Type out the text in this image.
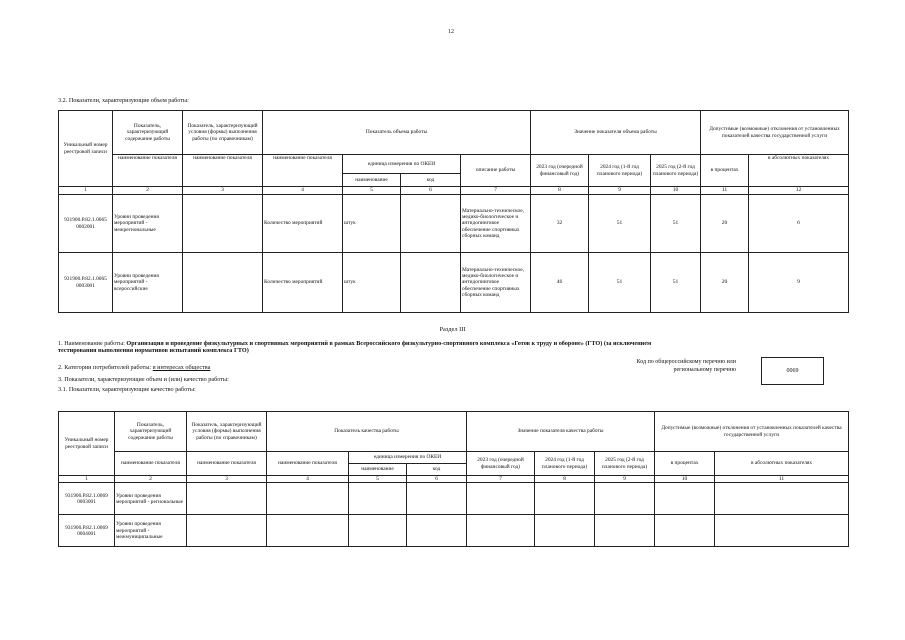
12
3.2. Показатели, характеризующие объем работы:
Уникальный номер реестровой записи	Показатель, характеризующий содержание работы	Показатель, характеризующий условия (формы) выполнения работы (по справочникам)	Показатель объема работы				Значение показателя объема работы			Допустимые (возможные) отклонения от установленных показателей качества государственной услуги	
	наименование показателя	наименование показателя	наименование показателя	единица измерения по ОКЕИ		описание работы	2023 год (очередной финансовый год)	2024 год (1-й год планового периода)	2025 год (2-й год планового периода)	в процентах	в абсолютных показателях
				наименование	код						
1	2	3	4	5	6	7	8	9	10	11	12
931900.Р.82.1.0065 0002001	Уровни проведения мероприятий - межрегиональные		Количество мероприятий	штук		Материально-техническое, медико-биологическое и антидопинговое обеспечение спортивных сборных команд	32	51	51	20	6
931900.Р.82.1.0065 0003001	Уровни проведения мероприятий - всероссийские		Количество мероприятий	штук		Материально-техническое, медико-биологическое и антидопинговое обеспечение спортивных сборных команд	46	51	51	20	9
Раздел III
1. Наименование работы: Организация и проведение физкультурных и спортивных мероприятий в рамках Всероссийского физкультурно-спортивного комплекса «Готов к труду и обороне» (ГТО) (за исключением тестирования выполнения нормативов испытаний комплекса ГТО)
2. Категории потребителей работы: в интересах общества
3. Показатели, характеризующие объем и (или) качество работы:
3.1. Показатели, характеризующие качество работы:
Код по общероссийскому перечню или региональному перечню	0069
Уникальный номер реестровой записи	Показатель, характеризующий содержание работы	Показатель, характеризующий условия (формы) выполнения работы (по справочникам)	Показатель качества работы			Значение показателя качества работы			Допустимые (возможные) отклонения от установленных показателей качества государственной услуги	
	наименование показателя	наименование показателя	наименование показателя	единица измерения по ОКЕИ		2023 год (очередной финансовый год)	2024 год (1-й год планового периода)	2025 год (2-й год планового периода)	в процентах	в абсолютных показателях
				наименование	код					
1	2	3	4	5	6	7	8	9	10	11
931900.Р.82.1.0069 0003001	Уровни проведения мероприятий - региональные									
931900.Р.82.1.0069 0004001	Уровни проведения мероприятий - межмуниципальные									
